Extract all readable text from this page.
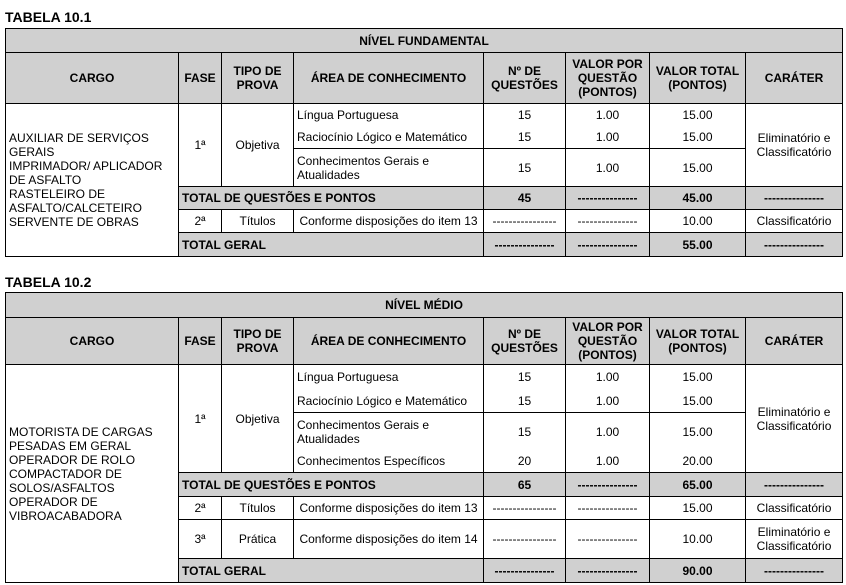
TABELA 10.1
NÍVEL FUNDAMENTAL							
CARGO	FASE	TIPO DE PROVA	ÁREA DE CONHECIMENTO	Nº DE QUESTÕES	VALOR POR QUESTÃO (PONTOS)	VALOR TOTAL (PONTOS)	CARÁTER

AUXILIAR DE SERVIÇOS GERAIS
IMPRIMADOR/ APLICADOR DE ASFALTO
RASTELEIRO DE ASFALTO/CALCETEIRO
SERVENTE DE OBRAS	1ª	Objetiva	Língua Portuguesa	15	1.00	15.00	Eliminatório e Classificatório
			Raciocínio Lógico e Matemático	15	1.00	15.00	
			Conhecimentos Gerais e Atualidades	15	1.00	15.00	
	TOTAL DE QUESTÕES E PONTOS			45	---------------	45.00	---------------
	2ª	Títulos	Conforme disposições do item 13	----------------	---------------	10.00	Classificatório
	TOTAL GERAL			---------------	---------------	55.00	---------------
TABELA 10.2
NÍVEL MÉDIO							
CARGO	FASE	TIPO DE PROVA	ÁREA DE CONHECIMENTO	Nº DE QUESTÕES	VALOR POR QUESTÃO (PONTOS)	VALOR TOTAL (PONTOS)	CARÁTER

MOTORISTA DE CARGAS PESADAS EM GERAL
OPERADOR DE ROLO COMPACTADOR DE SOLOS/ASFALTOS
OPERADOR DE VIBROACABADORA	1ª	Objetiva	Língua Portuguesa	15	1.00	15.00	Eliminatório e Classificatório
			Raciocínio Lógico e Matemático	15	1.00	15.00	
			Conhecimentos Gerais e Atualidades	15	1.00	15.00	
			Conhecimentos Específicos	20	1.00	20.00	
	TOTAL DE QUESTÕES E PONTOS			65	---------------	65.00	---------------
	2ª	Títulos	Conforme disposições do item 13	----------------	---------------	15.00	Classificatório
	3ª	Prática	Conforme disposições do item 14	----------------	---------------	10.00	Eliminatório e Classificatório
	TOTAL GERAL			---------------	---------------	90.00	---------------
